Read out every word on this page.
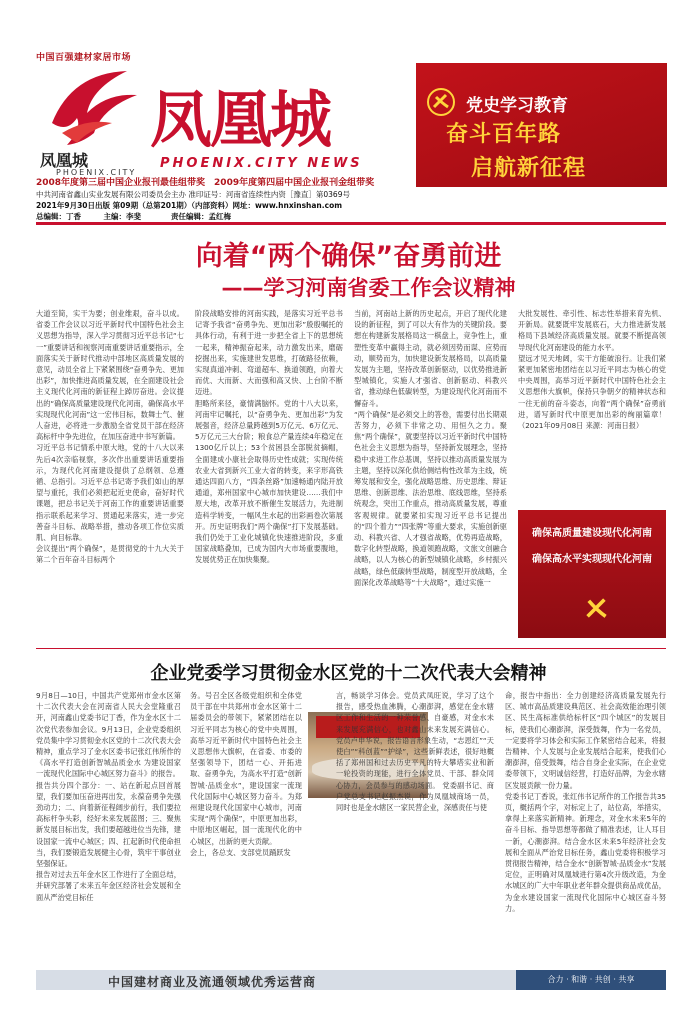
中国百强建材家居市场
凤凰城
PHOENIX.CITY
凤凰城
PHOENIX.CITY NEWS
党史学习教育
奋斗百年路
启航新征程
2008年度第三届中国企业报刊最佳组带奖　2009年度第四届中国企业报刊金组带奖
中共河南省鑫山实业发展有限公司委员会主办 准印证号：河南省连续性内资［豫直］第0369号
2021年9月30日出版 第09期（总第201期）（内部资料）网址：www.hnxinshan.com
总编辑：丁香　　　主编：李斐　　　　责任编辑：孟红梅
向着“两个确保”奋勇前进
——学习河南省委工作会议精神
大道至简，实干为要；创业维艰，奋斗以成。省委工作会议以习近平新时代中国特色社会主义思想为指导，深入学习贯彻习近平总书记“七一”重要讲话和视察河南重要讲话重要指示，全面落实关于新时代推动中部地区高质量发展的意见，动员全省上下紧紧围绕“奋勇争先、更加出彩”，加快推进高质量发展，在全面建设社会主义现代化河南的新征程上踔厉奋进。会议提出的“确保高质量建设现代化河南，确保高水平实现现代化河南”这一宏伟目标，数舞士气、催人奋进，必将进一步激励全省党员干部在经济高标杆中争先进位，在加压奋进中书写新篇。
习近平总书记情系中原大地，党的十八大以来先后4次亲临视察，多次作出重要讲话重要指示，为现代化河南建设提供了总纲领、总遵循、总指引。习近平总书记寄予我们如山的厚望与重托，我们必须把起近史使命，奋好时代课题，把总书记关于河南工作的重要讲话重要指示联系起来学习、贯通起来落实，进一步完善奋斗目标、战略举措，推动各项工作位实质肌、向目标靠。
会议提出“两个确保”，是贯彻党的十九大关于第二个百年奋斗目标两个
阶段战略安排的河南实践，是落实习近平总书记寄予我省“奋勇争先、更加出彩”殷殷嘱托的具体行动，有利于进一步把全省上下的思想统一起来，精神振奋起来，动力激发出来，磨砺挖掘出来，实施建世发思维，打破路径依赖，实现真道冲刺、弯道超车、换道领跑，向着大而优、大而新、大而强和高又快、上台阶不断迈进。
胆略所来径，豪情满脑怀。党的十八大以来，河南牢记嘱托，以“奋勇争先、更加出彩”为发展强音，经济总量跨越到5万亿元、6万亿元、5万亿元三大台阶；粮食总产量连续4年稳定在1300亿斤以上；53个贫困县全部脱贫摘帽，全面建成小康社会取得历史性成就；实现传统农业大省到新兴工业大省的转变，来字形高铁通达四面八方，“四条丝路”加速畅通内陆开放通道，郑州国家中心城市加快建设……我们中原大地，改革开放不断催生发展活力，先进制造科学转变，一幅风生水起的出彩画卷次第展开。历史证明我们“两个确保”打下发展基础。我们仍处于工业化城镇化快速推进阶段，多重国家战略叠加，已成为国内大市场重要腹地，发展优势正在加快集聚。
当前，河南站上新的历史起点，开启了现代化建设的新征程，到了可以大有作为的关键阶段。要想在构建新发展格局这一棋盘上，竞争性上，重塑性变革中赢得主动，就必须因势而谋、应势而动，顺势而为，加快建设新发展格局，以高质量发展为主题，坚持改革创新驱动，以优势推进新型城镇化，实施人才强省、创新驱动、科教兴省，推动绿色低碳转型，为建设现代化河南而不懈奋斗。
“两个确保”是必须交上的答卷，需要付出长期艰苦努力，必须下非常之功、用恒久之力。聚焦“两个确保”，就要坚持以习近平新时代中国特色社会主义思想为指导，坚持新发展理念，坚持稳中求进工作总基调，坚持以推动高质量发展为主题，坚持以深化供给侧结构性改革为主线，统筹发展和安全，强化战略思维、历史思维、辩证思维、创新思维、法治思维、底线思维，坚持系统观念，突出工作重点，推动高质量发展，尊重客观规律。就要紧扣实现习近平总书记提出的“四个着力”“四张牌”等重大要求，实施创新驱动、科教兴省、人才强省战略，优势再造战略，数字化转型战略，换道领跑战略，文旅文创融合战略，以人为核心的新型城镇化战略，乡村振兴战略，绿色低碳转型战略，制度型开放战略，全面深化改革战略等“十大战略”，通过实施一
大批发展性、牵引性、标志性举措来育先机、开新局。就要既牢发展底石，大力推进新发展格局下县域经济高质量发展。就要不断提高领导现代化河南建设的能力水平。
望远才见天地阔，实干方能破浪行。让我们紧紧更加紧密地团结在以习近平同志为核心的党中央周围，高举习近平新时代中国特色社会主义思想伟大旗帜，保持只争朝夕的精神状态和一往无前的奋斗姿态，向着“两个确保”奋勇前进，谱写新时代中原更加出彩的绚丽篇章！（2021年09月08日 来源：河南日报）
确保高质量建设现代化河南
确保高水平实现现代化河南
企业党委学习贯彻金水区党的十二次代表大会精神
9月8日—10日，中国共产党郑州市金水区第十二次代表大会在河南省人民大会堂隆重召开，河南鑫山党委书记丁香，作为金水区十二次党代表参加会议。9月13日，企业党委组织党员集中学习贯彻金水区党的十二次代表大会精神，重点学习了金水区委书记张红伟所作的《高水平打造创新智城品质金水 为建设国家一流现代化国际中心城区努力奋斗》的报告。
报告共分四个部分：一、站在新起点回首展望，我们要加压奋进再出发，永葆奋勇争先强劲动力；二、向着新征程阔步前行，我们要拉高标杆争头彩，经好未来发展蓝图；三、聚焦新发展目标出发，我们要超越进位当先锋，建设国家一流中心城区；四、扛起新时代使命担当，我们要锻造发展健主心骨，筑牢干事创业坚强保证。
报告对过去五年金水区工作进行了全面总结，并研究部署了未来五年金区经济社会发展和全面从严治党目标任
务。号召全区各级党组织和全体党员干部在中共郑州市金水区第十二届委员会的带领下，紧紧团结在以习近平同志为核心的党中央周围，高举习近平新时代中国特色社会主义思想伟大旗帜，在省委、市委的坚强领导下，团结一心、开拓进取、奋勇争先，为高水平打造“创新智城·品质金水”，建设国家一流现代化国际中心城区努力奋斗。为郑州建设现代化国家中心城市，河南实现“两个确保”，中原更加出彩，中原地区崛起，国一流现代化的中心城区，出新的更大贡献。
会上，各总支、支部党员踊跃发
言，畅谈学习体会。党员武凤旺说，学习了这个报告，感受热血沸腾，心潮澎湃，感觉在金水辖区工作和生活的一种荣誉感、自豪感，对金水未来发展充满信心，也对鑫山未来发展充满信心。党员卢申华说，报告语言形象生动，“志恩红”“天使白”“科创蓝”“护绿”，这些新鲜表述，很好地概括了郑州国和过去历史平凡的特大攀塔实业和新一轮投资的现能，进行全体党员、干部、群众同心协力，会员参与的感动场面。 党委副书记、商户党总支书记赵振杰说，作为凤凰城商场一员，同时也是金水辖区一家民营企业，深感责任与使
命，报告中指出：全力创建经济高质量发展先行区、城市高品质建设典范区、社会高效能治理引领区、民生高标准供给标杆区“四个城区”的发展目标，使我们心潮澎湃，深受鼓舞，作为一名党员，一定要将学习体会和实际工作紧密结合起来，将报告精神、个人发展与企业发展结合起来，使我们心潮澎湃，倍受鼓舞，结合自身企业实际，在企业党委带领下，文明诚信经营，打造好品牌，为金水辖区发展贡献一份力量。
党委书记丁香说，张红伟书记所作的工作报告共35页，概括两个字，对标定上了，站位高，举措实，拿得上来落实新精神。新理念，对金水未来5年的奋斗目标、指导思想等都做了精准表述，让人耳目一新，心潮澎湃。结合金水区未来5年经济社会发展和全面从严治党目标任务，鑫山党委将积极学习贯彻报告精神，结合金水“创新智城·品质金水”发展定位，正明确对凤凰城进行第4次升级改造，为金水城区的广大中年职业老年群众提供商品成优品，为金水建设国家一流现代化国际中心城区奋斗努力。
中国建材商业及流通领域优秀运营商	合力 · 和谐 · 共创 · 共享
